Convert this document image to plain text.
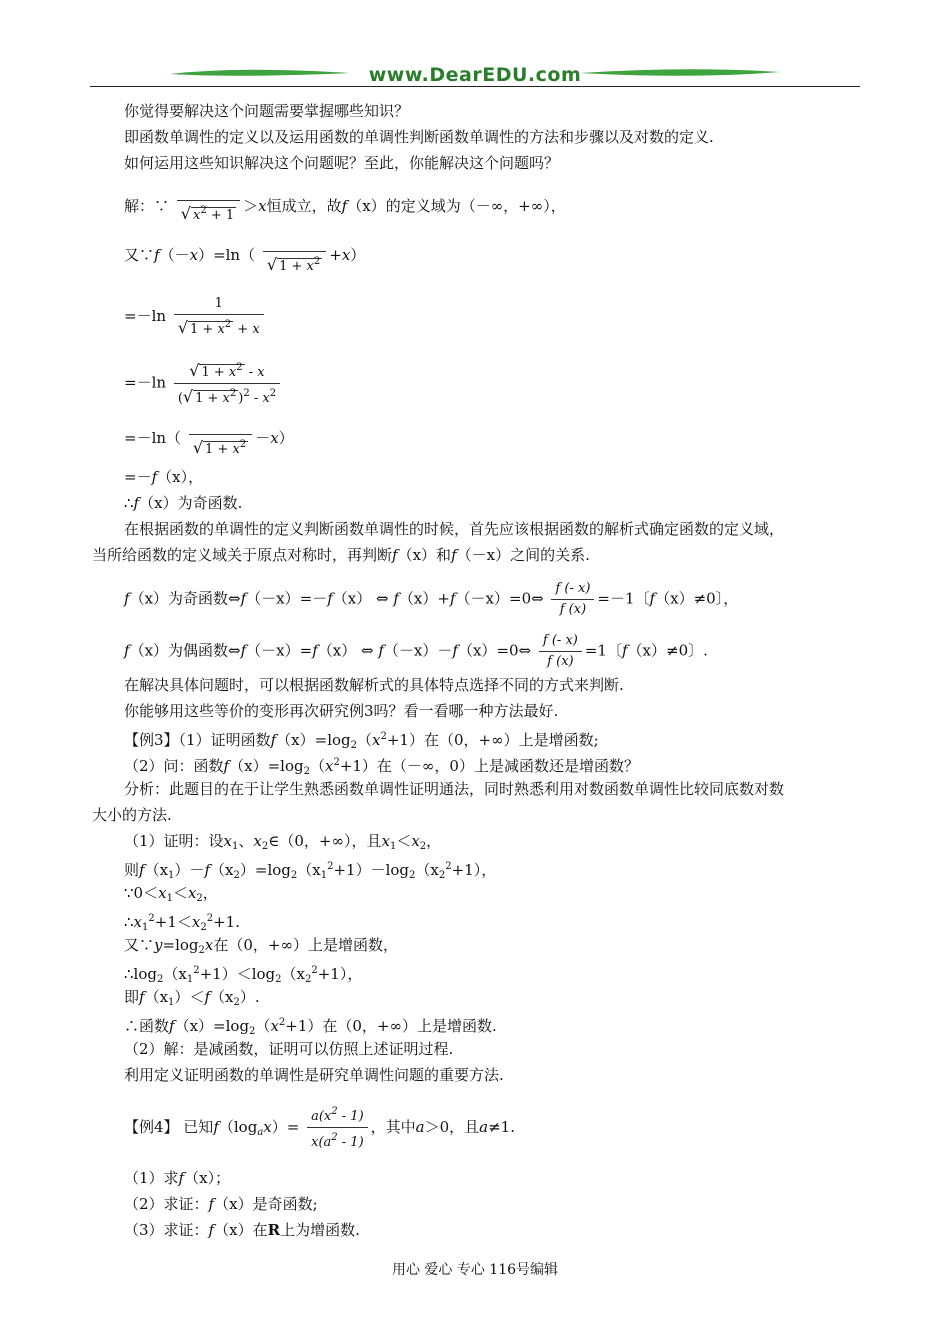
www.DearEDU.com
你觉得要解决这个问题需要掌握哪些知识？
即函数单调性的定义以及运用函数的单调性判断函数单调性的方法和步骤以及对数的定义.
如何运用这些知识解决这个问题呢？至此，你能解决这个问题吗？
解：∵
√ $x^2 + 1$
＞x恒成立，故f（x）的定义域为（－∞，+∞），
又∵f（－x）=ln（
√ $1 + x^2 +x$）
$=-\ln \frac{1}{√ 1 + x^2 + x}$
$=-\ln \frac{√ 1 + x^2 - x}{(√ 1 + x^2 )^2 - x^2}$
=－ln（
√ $1 + x^2 -x$）
=－f（x），
∴f（x）为奇函数.
在根据函数的单调性的定义判断函数单调性的时候，首先应该根据函数的解析式确定函数的定义域，
当所给函数的定义域关于原点对称时，再判断f（x）和f（－x）之间的关系.
f（x）为奇函数⇔f（－x）=－f（x） ⇔ f（x）+f（－x）=0⇔ $\frac{f (- x)}{f (x)} =-1$〔f（x）≠0〕，
f（x）为偶函数⇔f（－x）=f（x） ⇔ f（－x）－f（x）=0⇔ $\frac{f (- x)}{f (x)} =1$〔f（x）≠0〕.
在解决具体问题时，可以根据函数解析式的具体特点选择不同的方式来判断.
你能够用这些等价的变形再次研究例3吗？看一看哪一种方法最好.
【例3】（1）证明函数$f(x)=\log_2(x^2+1)$在（0，+∞）上是增函数;
（2）问：函数$f(x)=\log_2(x^2+1)$在（－∞，0）上是减函数还是增函数？
分析：此题目的在于让学生熟悉函数单调性证明通法，同时熟悉利用对数函数单调性比较同底数对数
大小的方法.
（1）证明：设$x_1$、$x_2\in(0$，+∞），且$x_1<x_2$，
则$f(x_1)-f(x_2)=\log_2(x_1^2+1)-\log_2(x_2^2+1)$，
$\because 0<x_1<x_2$，
$\therefore x_1^2+1<x_2^2+1$.
又$\because y=\log_2x$在（0，+∞）上是增函数，
$\therefore\log_2(x_1^2+1)<\log_2(x_2^2+1)$，
即$f(x_1)<f(x_2)$.
∴函数$f(x)=\log_2(x^2+1)$在（0，+∞）上是增函数.
（2）解：是减函数，证明可以仿照上述证明过程.
利用定义证明函数的单调性是研究单调性问题的重要方法.
【例4】 已知$f(\log_ax)= \frac{a(x^2 - 1)}{x(a^2 - 1)}$ ，其中a＞0，且a≠1.
（1）求f（x）；
（2）求证：f（x）是奇函数;
（3）求证：f（x）在R上为增函数.
用心 爱心 专心 116号编辑
